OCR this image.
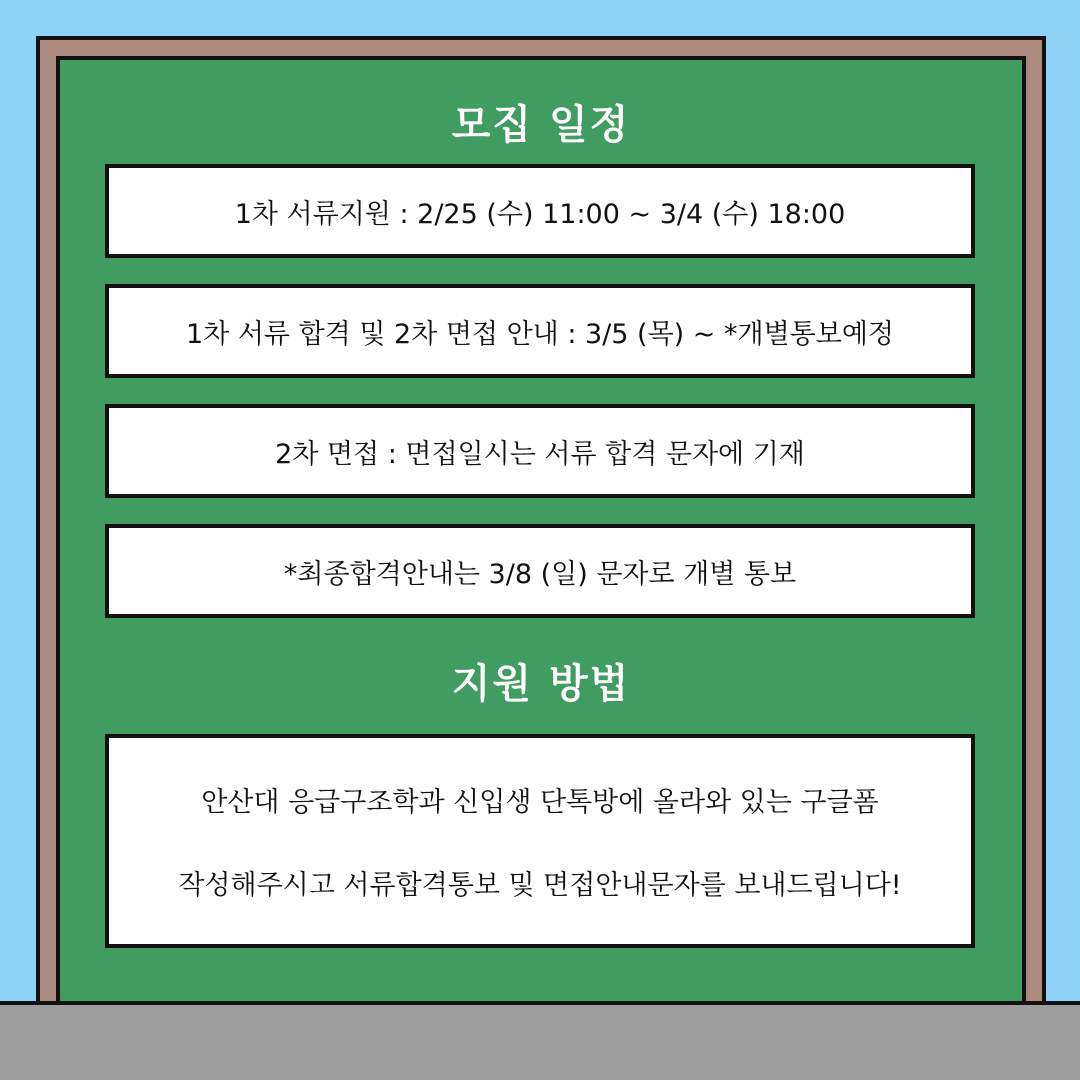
모집 일정
1차 서류지원 : 2/25 (수) 11:00 ~ 3/4 (수) 18:00
1차 서류 합격 및 2차 면접 안내 : 3/5 (목) ~ *개별통보예정
2차 면접 : 면접일시는 서류 합격 문자에 기재
*최종합격안내는 3/8 (일) 문자로 개별 통보
지원 방법
안산대 응급구조학과 신입생 단톡방에 올라와 있는 구글폼
작성해주시고 서류합격통보 및 면접안내문자를 보내드립니다!
